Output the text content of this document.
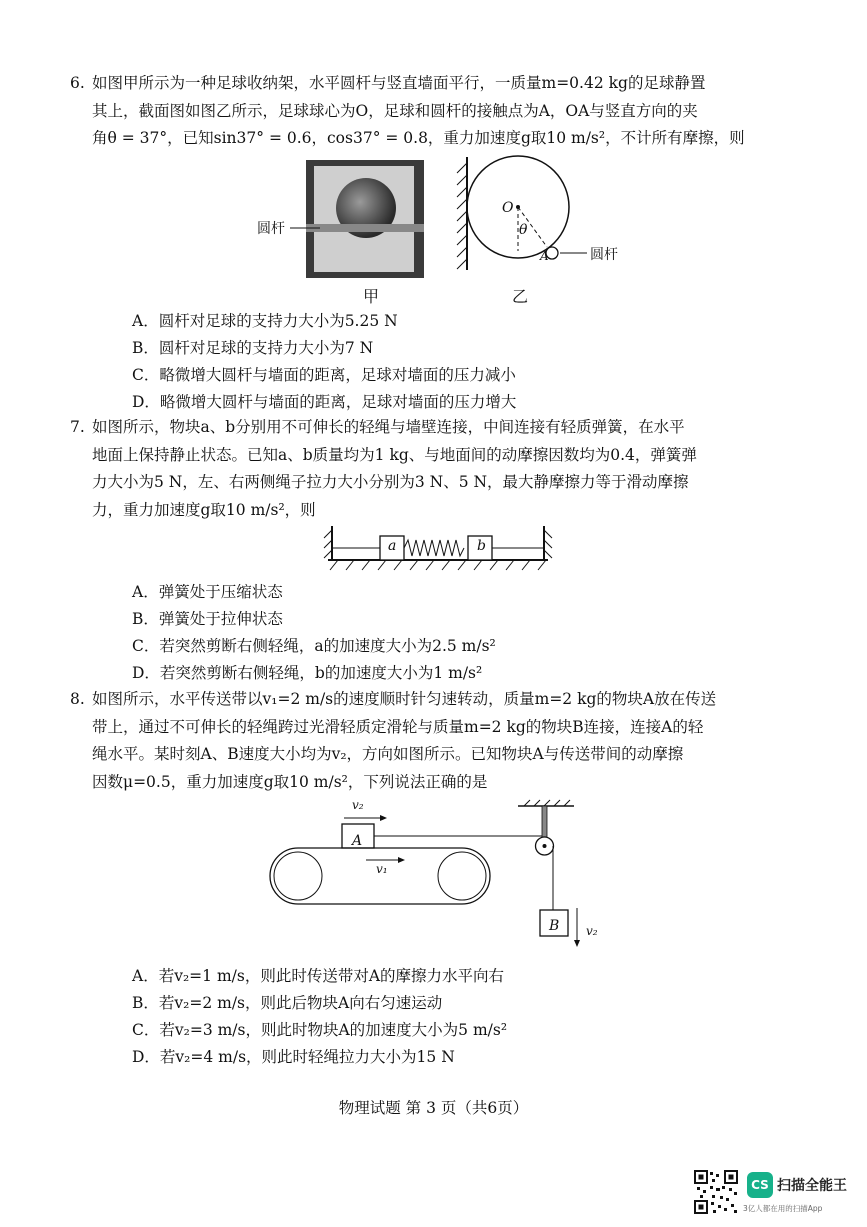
6. 如图甲所示为一种足球收纳架，水平圆杆与竖直墙面平行，一质量m=0.42 kg的足球静置

其上，截面图如图乙所示，足球球心为O，足球和圆杆的接触点为A，OA与竖直方向的夹

角θ = 37°，已知sin37° = 0.6，cos37° = 0.8，重力加速度g取10 m/s²，不计所有摩擦，则

圆杆
甲
O
θ
A	圆杆
乙
A．圆杆对足球的支持力大小为5.25 N
B．圆杆对足球的支持力大小为7 N
C．略微增大圆杆与墙面的距离，足球对墙面的压力减小
D．略微增大圆杆与墙面的距离，足球对墙面的压力增大
7. 如图所示，物块a、b分别用不可伸长的轻绳与墙壁连接，中间连接有轻质弹簧，在水平

地面上保持静止状态。已知a、b质量均为1 kg、与地面间的动摩擦因数均为0.4，弹簧弹

力大小为5 N，左、右两侧绳子拉力大小分别为3 N、5 N，最大静摩擦力等于滑动摩擦

力，重力加速度g取10 m/s²，则

a	b
A．弹簧处于压缩状态
B．弹簧处于拉伸状态
C．若突然剪断右侧轻绳，a的加速度大小为2.5 m/s²
D．若突然剪断右侧轻绳，b的加速度大小为1 m/s²
8. 如图所示，水平传送带以v₁=2 m/s的速度顺时针匀速转动，质量m=2 kg的物块A放在传送

带上，通过不可伸长的轻绳跨过光滑轻质定滑轮与质量m=2 kg的物块B连接，连接A的轻

绳水平。某时刻A、B速度大小均为v₂，方向如图所示。已知物块A与传送带间的动摩擦

因数μ=0.5，重力加速度g取10 m/s²，下列说法正确的是

A
B
v₂
v₁
v₂
A．若v₂=1 m/s，则此时传送带对A的摩擦力水平向右
B．若v₂=2 m/s，则此后物块A向右匀速运动
C．若v₂=3 m/s，则此时物块A的加速度大小为5 m/s²
D．若v₂=4 m/s，则此时轻绳拉力大小为15 N
物理试题 第 3 页（共6页）
CS 扫描全能王
3亿人都在用的扫描App
